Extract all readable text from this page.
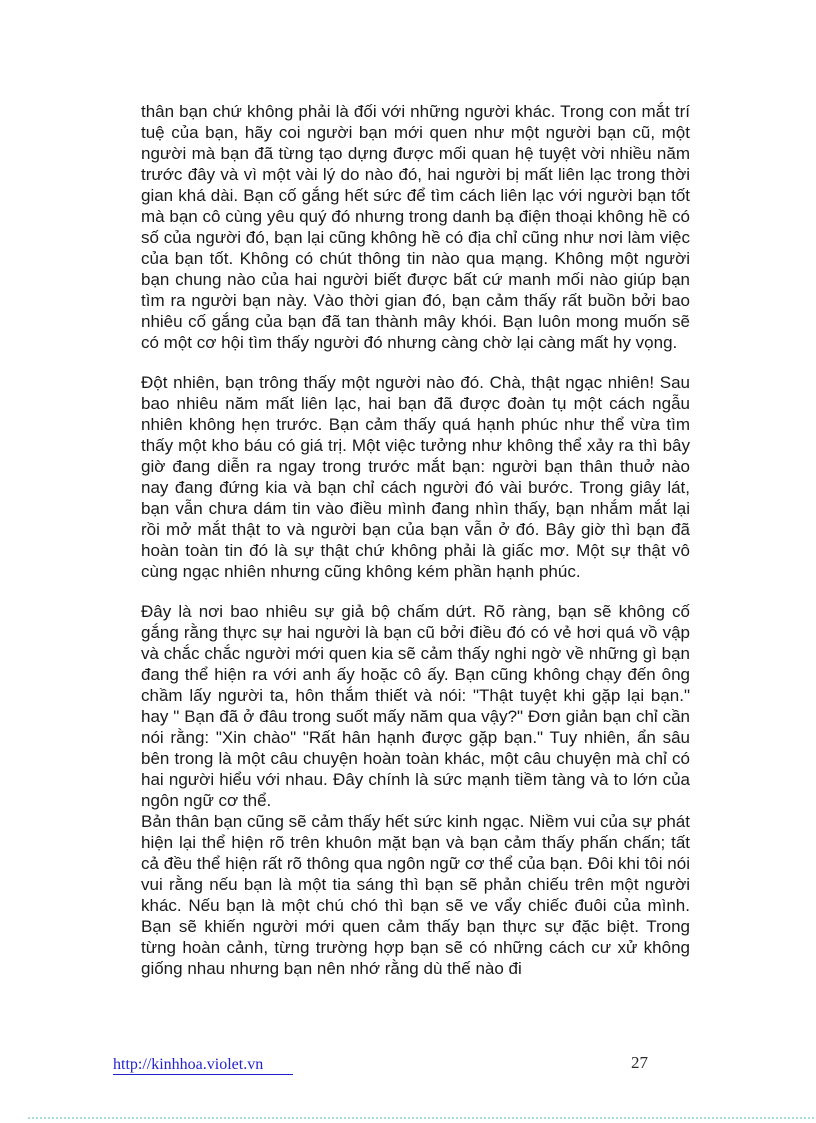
thân bạn chứ không phải là đối với những người khác. Trong con mắt trí tuệ của bạn, hãy coi người bạn mới quen như một người bạn cũ, một người mà bạn đã từng tạo dựng được mối quan hệ tuyệt vời nhiều năm trước đây và vì một vài lý do nào đó, hai người bị mất liên lạc trong thời gian khá dài. Bạn cố gắng hết sức để tìm cách liên lạc với người bạn tốt mà bạn cô cùng yêu quý đó nhưng trong danh bạ điện thoại không hề có số của người đó, bạn lại cũng không hề có địa chỉ cũng như nơi làm việc của bạn tốt. Không có chút thông tin nào qua mạng. Không một người bạn chung nào của hai người biết được bất cứ manh mối nào giúp bạn tìm ra người bạn này. Vào thời gian đó, bạn cảm thấy rất buồn bởi bao nhiêu cố gắng của bạn đã tan thành mây khói. Bạn luôn mong muốn sẽ có một cơ hội tìm thấy người đó nhưng càng chờ lại càng mất hy vọng.

Đột nhiên, bạn trông thấy một người nào đó. Chà, thật ngạc nhiên! Sau bao nhiêu năm mất liên lạc, hai bạn đã được đoàn tụ một cách ngẫu nhiên không hẹn trước. Bạn cảm thấy quá hạnh phúc như thể vừa tìm thấy một kho báu có giá trị. Một việc tưởng như không thể xảy ra thì bây giờ đang diễn ra ngay trong trước mắt bạn: người bạn thân thuở nào nay đang đứng kia và bạn chỉ cách người đó vài bước. Trong giây lát, bạn vẫn chưa dám tin vào điều mình đang nhìn thấy, bạn nhắm mắt lại rồi mở mắt thật to và người bạn của bạn vẫn ở đó. Bây giờ thì bạn đã hoàn toàn tin đó là sự thật chứ không phải là giấc mơ. Một sự thật vô cùng ngạc nhiên nhưng cũng không kém phần hạnh phúc.

Đây là nơi bao nhiêu sự giả bộ chấm dứt. Rõ ràng, bạn sẽ không cố gắng rằng thực sự hai người là bạn cũ bởi điều đó có vẻ hơi quá vồ vập và chắc chắc người mới quen kia sẽ cảm thấy nghi ngờ về những gì bạn đang thể hiện ra với anh ấy hoặc cô ấy. Bạn cũng không chạy đến ông chầm lấy người ta, hôn thắm thiết và nói: "Thật tuyệt khi gặp lại bạn." hay " Bạn đã ở đâu trong suốt mấy năm qua vậy?" Đơn giản bạn chỉ cần nói rằng: "Xin chào" "Rất hân hạnh được gặp bạn." Tuy nhiên, ẩn sâu bên trong là một câu chuyện hoàn toàn khác, một câu chuyện mà chỉ có hai người hiểu với nhau. Đây chính là sức mạnh tiềm tàng và to lớn của ngôn ngữ cơ thể.

Bản thân bạn cũng sẽ cảm thấy hết sức kinh ngạc. Niềm vui của sự phát hiện lại thể hiện rõ trên khuôn mặt bạn và bạn cảm thấy phấn chấn; tất cả đều thể hiện rất rõ thông qua ngôn ngữ cơ thể của bạn. Đôi khi tôi nói vui rằng nếu bạn là một tia sáng thì bạn sẽ phản chiếu trên một người khác. Nếu bạn là một chú chó thì bạn sẽ ve vẩy chiếc đuôi của mình. Bạn sẽ khiến người mới quen cảm thấy bạn thực sự đặc biệt. Trong từng hoàn cảnh, từng trường hợp bạn sẽ có những cách cư xử không giống nhau nhưng bạn nên nhớ rằng dù thế nào đi

http://kinhhoa.violet.vn	27
